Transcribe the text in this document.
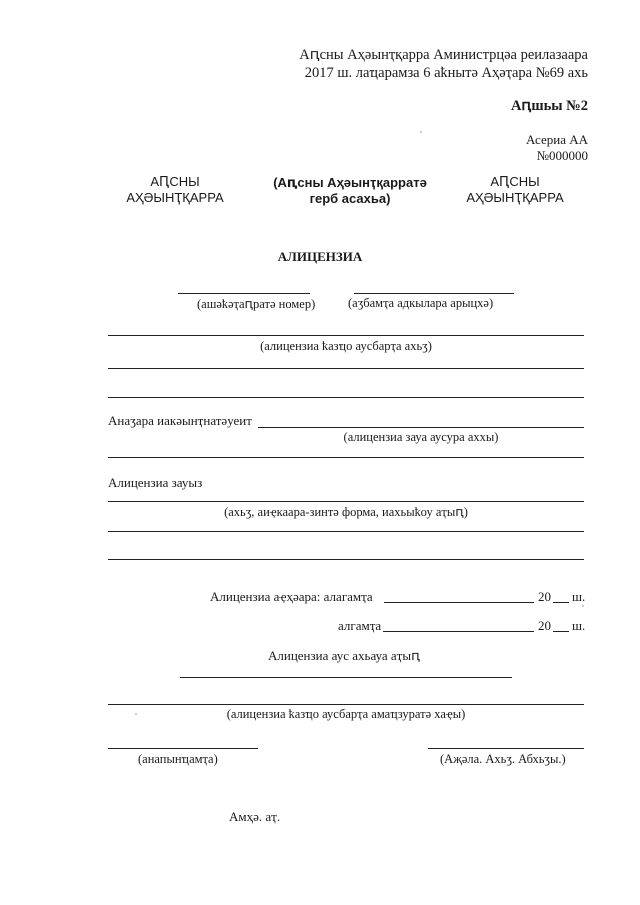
Аԥсны Аҳәынҭқарра Аминистрцәа реилазаара
2017 ш. лаҵарамза 6 аҟнытә Аҳәҭара №69 ахь
Аԥшьы №2
Асериа АА
№000000
АԤСНЫ
АҲӘЫНҬҚАРРА
(Аԥсны Аҳәынҭқарратә
герб асахьа)
АԤСНЫ
АҲӘЫНҬҚАРРА
АЛИЦЕНЗИА
(ашәҟәҭаԥратә номер)	(аӡбамҭа адкылара арыцхә)
(алицензиа ҟазҵо аусбарҭа ахьӡ)
Анаӡара иакәынҭнатәуеит
(алицензиа зауа аусура аххы)
Алицензиа зауыз
(ахьӡ, аиҿкаара-зинтә форма, иахьыҟоу аҭыԥ)
Алицензиа аҿҳәара: алагамҭа	20 ш.
алгамҭа	20 ш.
Алицензиа аус ахьауа аҭыԥ
(алицензиа ҟазҵо аусбарҭа амаҵзуратә хаҿы)
(анапынҵамҭа)	(Аҗәла. Ахьӡ. Абхьӡы.)
Амҳә. аҭ.
